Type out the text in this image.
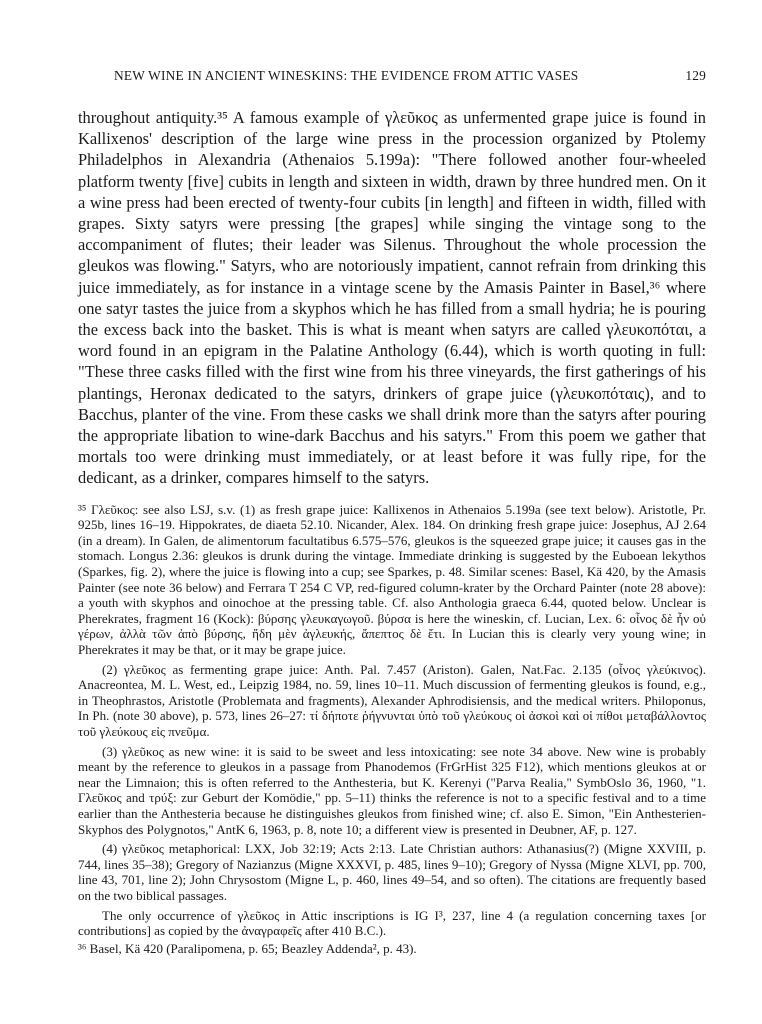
NEW WINE IN ANCIENT WINESKINS: THE EVIDENCE FROM ATTIC VASES	129

throughout antiquity.³⁵ A famous example of γλεῦκος as unfermented grape juice is found in Kallixenos' description of the large wine press in the procession organized by Ptolemy Philadelphos in Alexandria (Athenaios 5.199a): "There followed another four-wheeled platform twenty [five] cubits in length and sixteen in width, drawn by three hundred men. On it a wine press had been erected of twenty-four cubits [in length] and fifteen in width, filled with grapes. Sixty satyrs were pressing [the grapes] while singing the vintage song to the accompaniment of flutes; their leader was Silenus. Throughout the whole procession the gleukos was flowing." Satyrs, who are notoriously impatient, cannot refrain from drinking this juice immediately, as for instance in a vintage scene by the Amasis Painter in Basel,³⁶ where one satyr tastes the juice from a skyphos which he has filled from a small hydria; he is pouring the excess back into the basket. This is what is meant when satyrs are called γλευκοπόται, a word found in an epigram in the Palatine Anthology (6.44), which is worth quoting in full: "These three casks filled with the first wine from his three vineyards, the first gatherings of his plantings, Heronax dedicated to the satyrs, drinkers of grape juice (γλευκοπόταις), and to Bacchus, planter of the vine. From these casks we shall drink more than the satyrs after pouring the appropriate libation to wine-dark Bacchus and his satyrs." From this poem we gather that mortals too were drinking must immediately, or at least before it was fully ripe, for the dedicant, as a drinker, compares himself to the satyrs.

³⁵ Γλεῦκος: see also LSJ, s.v. (1) as fresh grape juice: Kallixenos in Athenaios 5.199a (see text below). Aristotle, Pr. 925b, lines 16–19. Hippokrates, de diaeta 52.10. Nicander, Alex. 184. On drinking fresh grape juice: Josephus, AJ 2.64 (in a dream). In Galen, de alimentorum facultatibus 6.575–576, gleukos is the squeezed grape juice; it causes gas in the stomach. Longus 2.36: gleukos is drunk during the vintage. Immediate drinking is suggested by the Euboean lekythos (Sparkes, fig. 2), where the juice is flowing into a cup; see Sparkes, p. 48. Similar scenes: Basel, Kä 420, by the Amasis Painter (see note 36 below) and Ferrara T 254 C VP, red-figured column-krater by the Orchard Painter (note 28 above): a youth with skyphos and oinochoe at the pressing table. Cf. also Anthologia graeca 6.44, quoted below. Unclear is Pherekrates, fragment 16 (Kock): βύρσης γλευκαγωγοῦ. βύρσα is here the wineskin, cf. Lucian, Lex. 6: οἶνος δὲ ἦν οὐ γέρων, ἀλλὰ τῶν ἀπὸ βύρσης, ἤδη μὲν ἀγλευκής, ἄπεπτος δὲ ἔτι. In Lucian this is clearly very young wine; in Pherekrates it may be that, or it may be grape juice.

(2) γλεῦκος as fermenting grape juice: Anth. Pal. 7.457 (Ariston). Galen, Nat.Fac. 2.135 (οἶνος γλεύκινος). Anacreontea, M. L. West, ed., Leipzig 1984, no. 59, lines 10–11. Much discussion of fermenting gleukos is found, e.g., in Theophrastos, Aristotle (Problemata and fragments), Alexander Aphrodisiensis, and the medical writers. Philoponus, In Ph. (note 30 above), p. 573, lines 26–27: τί δήποτε ῥήγνυνται ὑπὸ τοῦ γλεύκους οἱ ἀσκοὶ καὶ οἱ πίθοι μεταβάλλοντος τοῦ γλεύκους εἰς πνεῦμα.

(3) γλεῦκος as new wine: it is said to be sweet and less intoxicating: see note 34 above. New wine is probably meant by the reference to gleukos in a passage from Phanodemos (FrGrHist 325 F12), which mentions gleukos at or near the Limnaion; this is often referred to the Anthesteria, but K. Kerenyi ("Parva Realia," SymbOslo 36, 1960, "1. Γλεῦκος and τρύξ: zur Geburt der Komödie," pp. 5–11) thinks the reference is not to a specific festival and to a time earlier than the Anthesteria because he distinguishes gleukos from finished wine; cf. also E. Simon, "Ein Anthesterien-Skyphos des Polygnotos," AntK 6, 1963, p. 8, note 10; a different view is presented in Deubner, AF, p. 127.

(4) γλεῦκος metaphorical: LXX, Job 32:19; Acts 2:13. Late Christian authors: Athanasius(?) (Migne XXVIII, p. 744, lines 35–38); Gregory of Nazianzus (Migne XXXVI, p. 485, lines 9–10); Gregory of Nyssa (Migne XLVI, pp. 700, line 43, 701, line 2); John Chrysostom (Migne L, p. 460, lines 49–54, and so often). The citations are frequently based on the two biblical passages.

The only occurrence of γλεῦκος in Attic inscriptions is IG I³, 237, line 4 (a regulation concerning taxes [or contributions] as copied by the ἀναγραφεῖς after 410 B.C.).

³⁶ Basel, Kä 420 (Paralipomena, p. 65; Beazley Addenda², p. 43).
